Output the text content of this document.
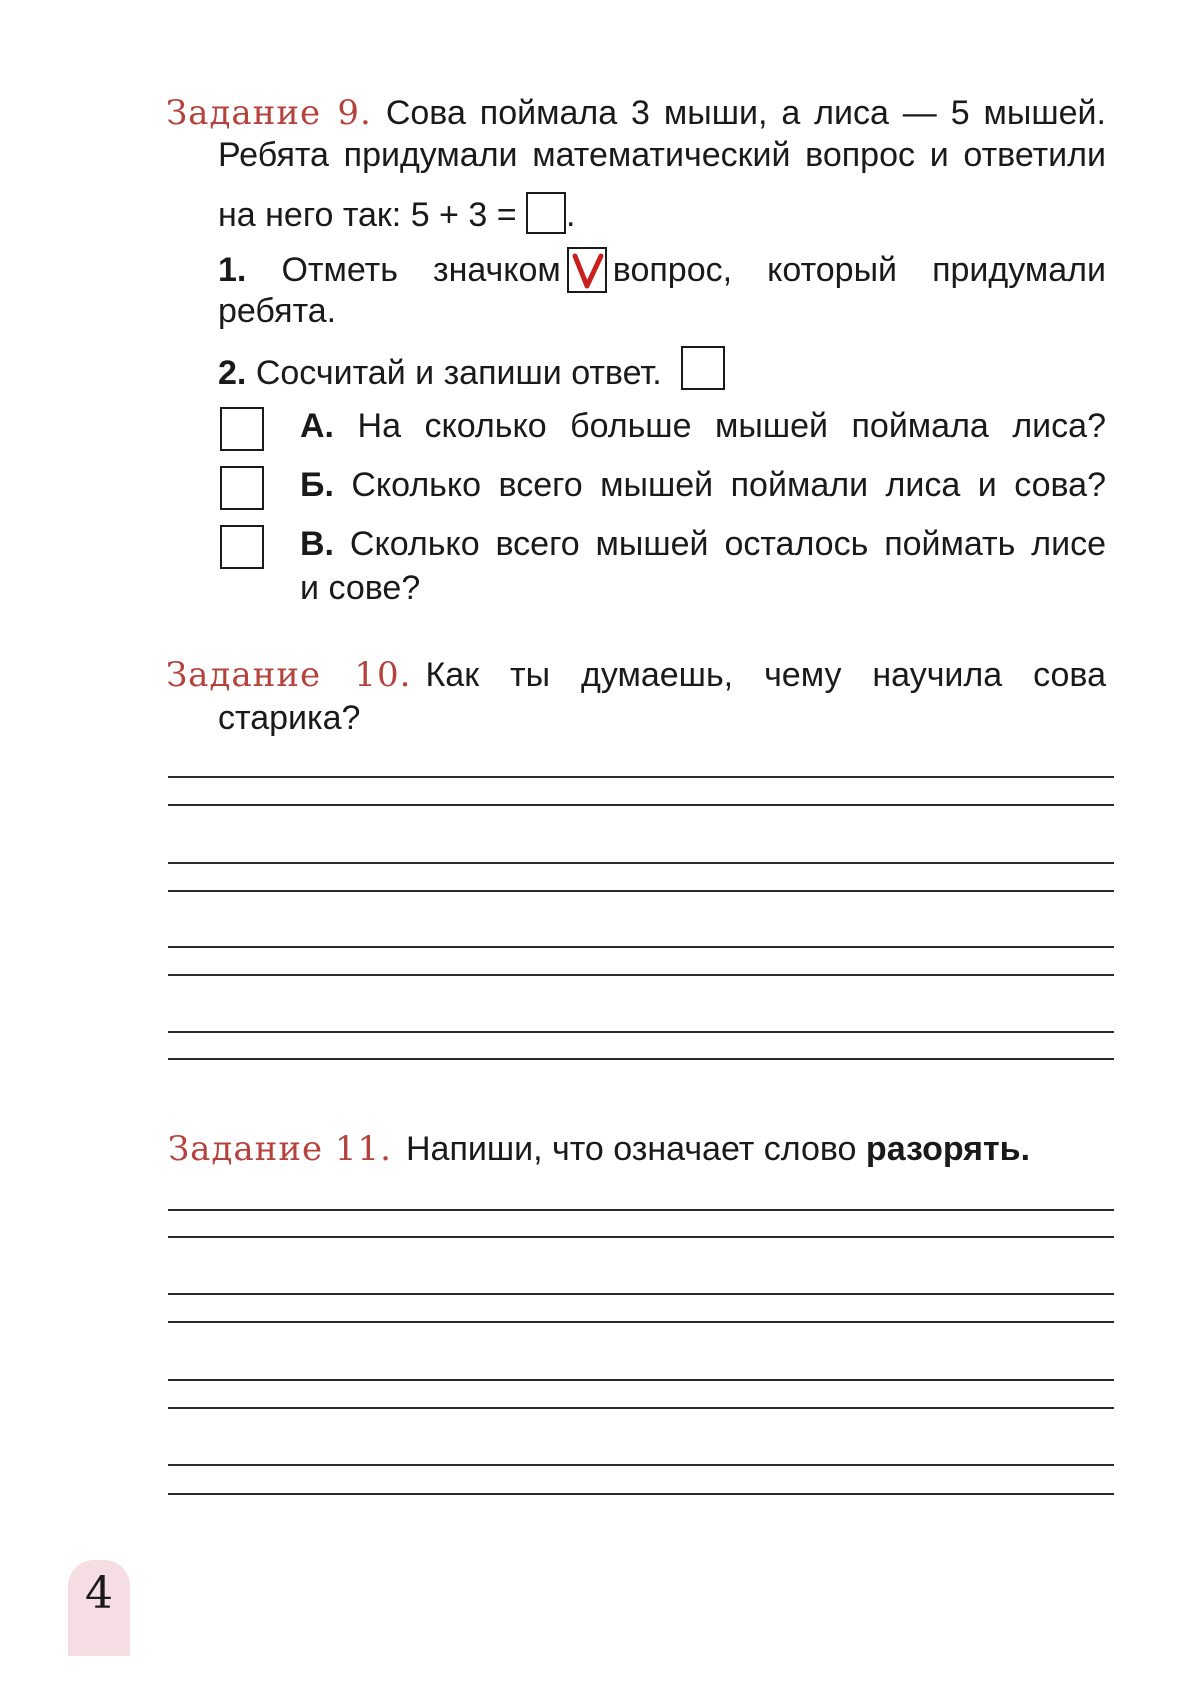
Задание 9. Сова поймала 3 мыши, а лиса — 5 мышей.

Ребята придумали математический вопрос и ответили

на него так: 5 + 3 = .

1. Отметь значком вопрос, который придумали

ребята.

2. Сосчитай и запиши ответ.

А. На сколько больше мышей поймала лиса?

Б. Сколько всего мышей поймали лиса и сова?

В. Сколько всего мышей осталось поймать лисе

и сове?

Задание 10. Как ты думаешь, чему научила сова

старика?

Задание 11. Напиши, что означает слово разорять.

4
